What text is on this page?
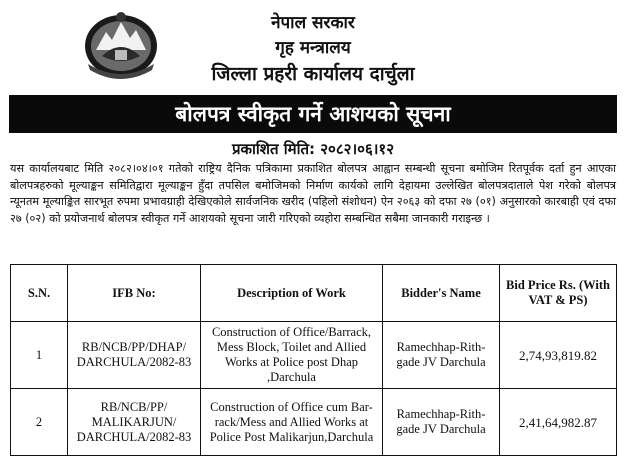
नेपाल सरकार
गृह मन्त्रालय
जिल्ला प्रहरी कार्यालय दार्चुला
बोलपत्र स्वीकृत गर्ने आशयको सूचना
प्रकाशित मिति: २०८२।०६।१२

यस कार्यालयबाट मिति २०८२।०४।०१ गतेको राष्ट्रिय दैनिक पत्रिकामा प्रकाशित बोलपत्र आह्वान सम्बन्धी सूचना बमोजिम रितपूर्वक दर्ता हुन आएका बोलपत्रहरुको मूल्याङ्कन समितिद्वारा मूल्याङ्कन हुँदा तपसिल बमोजिमको निर्माण कार्यको लागि देहायमा उल्लेखित बोलपत्रदाताले पेश गरेको बोलपत्र न्यूनतम मूल्याङ्कित सारभूत रुपमा प्रभावग्राही देखिएकोले सार्वजनिक खरीद (पहिलो संशोधन) ऐन २०६३ को दफा २७ (०१) अनुसारको कारबाही एवं दफा २७ (०२) को प्रयोजनार्थ बोलपत्र स्वीकृत गर्ने आशयको सूचना जारी गरिएको व्यहोरा सम्बन्धित सबैमा जानकारी गराइन्छ ।

S.N.	IFB No:	Description of Work	Bidder's Name	Bid Price Rs. (With VAT & PS)
1	RB/NCB/PP/DHAP/ DARCHULA/2082-83	Construction of Office/Barrack, Mess Block, Toilet and Allied Works at Police post Dhap ,Darchula	Ramechhap-Rith- gade JV Darchula	2,74,93,819.82
2	RB/NCB/PP/ MALIKARJUN/ DARCHULA/2082-83	Construction of Office cum Bar- rack/Mess and Allied Works at Police Post Malikarjun,Darchula	Ramechhap-Rith- gade JV Darchula	2,41,64,982.87
